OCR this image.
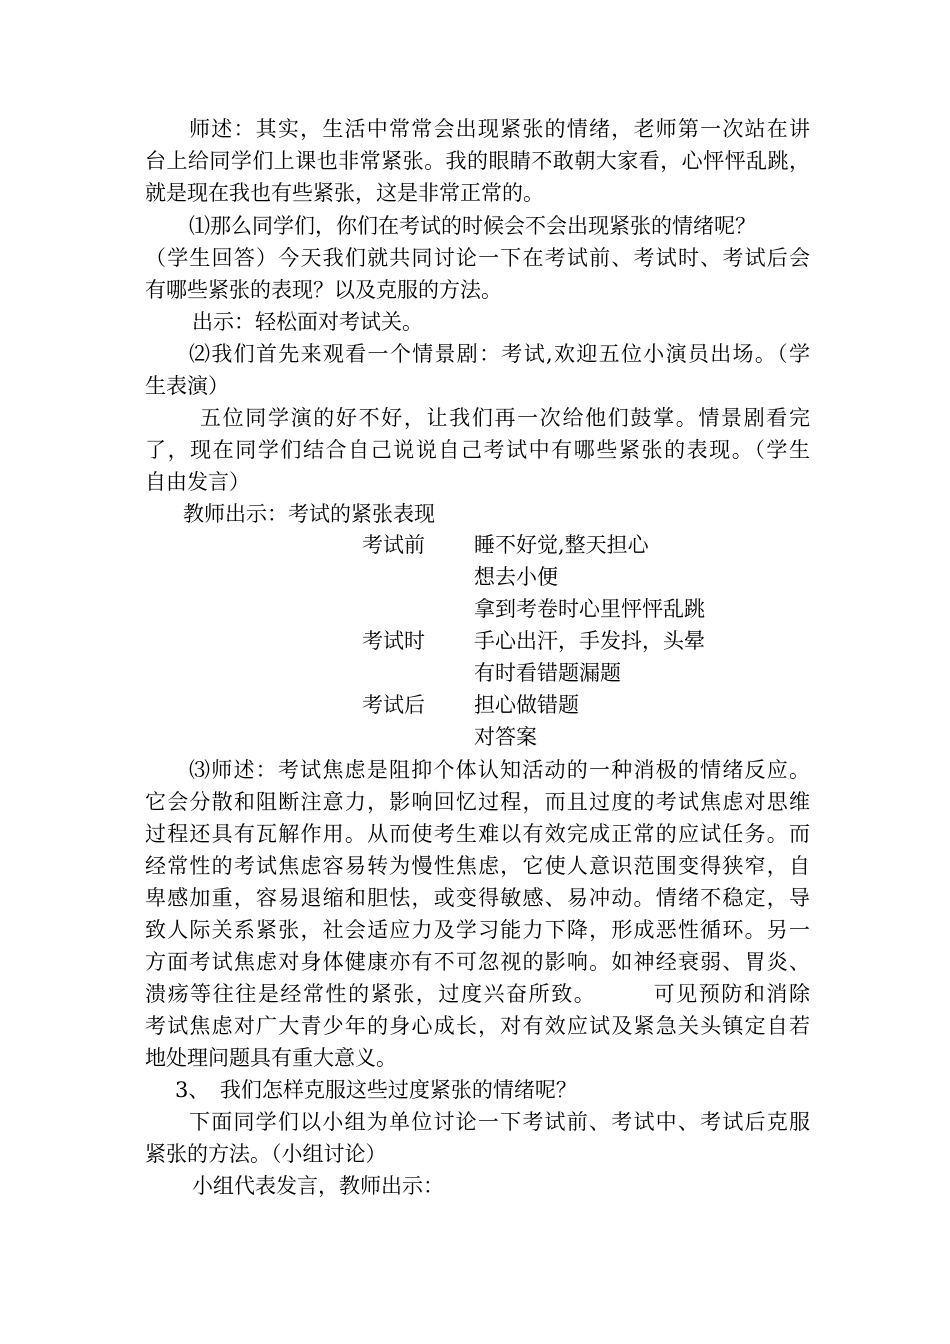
师述：其实，生活中常常会出现紧张的情绪，老师第一次站在讲
台上给同学们上课也非常紧张。我的眼睛不敢朝大家看，心怦怦乱跳，
就是现在我也有些紧张，这是非常正常的。
⑴那么同学们，你们在考试的时候会不会出现紧张的情绪呢？
（学生回答）今天我们就共同讨论一下在考试前、考试时、考试后会
有哪些紧张的表现？以及克服的方法。
出示：轻松面对考试关。
⑵我们首先来观看一个情景剧：考试,欢迎五位小演员出场。（学
生表演）
五位同学演的好不好，让我们再一次给他们鼓掌。情景剧看完
了，现在同学们结合自己说说自己考试中有哪些紧张的表现。（学生
自由发言）
教师出示：考试的紧张表现
考试前 睡不好觉,整天担心
想去小便
拿到考卷时心里怦怦乱跳
考试时 手心出汗，手发抖，头晕
有时看错题漏题
考试后 担心做错题
对答案
⑶师述：考试焦虑是阻抑个体认知活动的一种消极的情绪反应。
它会分散和阻断注意力，影响回忆过程，而且过度的考试焦虑对思维
过程还具有瓦解作用。从而使考生难以有效完成正常的应试任务。而
经常性的考试焦虑容易转为慢性焦虑，它使人意识范围变得狭窄，自
卑感加重，容易退缩和胆怯，或变得敏感、易冲动。情绪不稳定，导
致人际关系紧张，社会适应力及学习能力下降，形成恶性循环。另一
方面考试焦虑对身体健康亦有不可忽视的影响。如神经衰弱、胃炎、
溃疡等往往是经常性的紧张，过度兴奋所致。　　　可见预防和消除
考试焦虑对广大青少年的身心成长，对有效应试及紧急关头镇定自若
地处理问题具有重大意义。
3、　我们怎样克服这些过度紧张的情绪呢？
下面同学们以小组为单位讨论一下考试前、考试中、考试后克服
紧张的方法。（小组讨论）
小组代表发言，教师出示：
